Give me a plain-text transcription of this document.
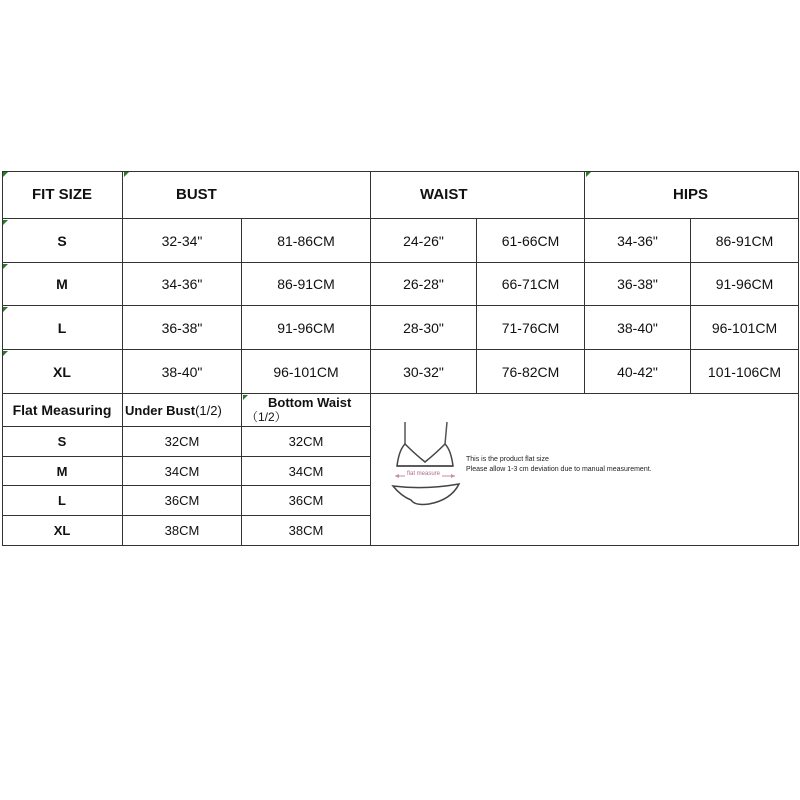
FIT SIZE	BUST	WAIST	HIPS
S	32-34"	81-86CM	24-26"	61-66CM	34-36"	86-91CM
M	34-36"	86-91CM	26-28"	66-71CM	36-38"	91-96CM
L	36-38"	91-96CM	28-30"	71-76CM	38-40"	96-101CM
XL	38-40"	96-101CM	30-32"	76-82CM	40-42"	101-106CM
Flat Measuring	Under Bust (1/2)	Bottom Waist
（1/2）
S	32CM	32CM
M	34CM	34CM
L	36CM	36CM
XL	38CM	38CM
flat measure
This is the product flat size
Please allow 1-3 cm deviation due to manual measurement.
